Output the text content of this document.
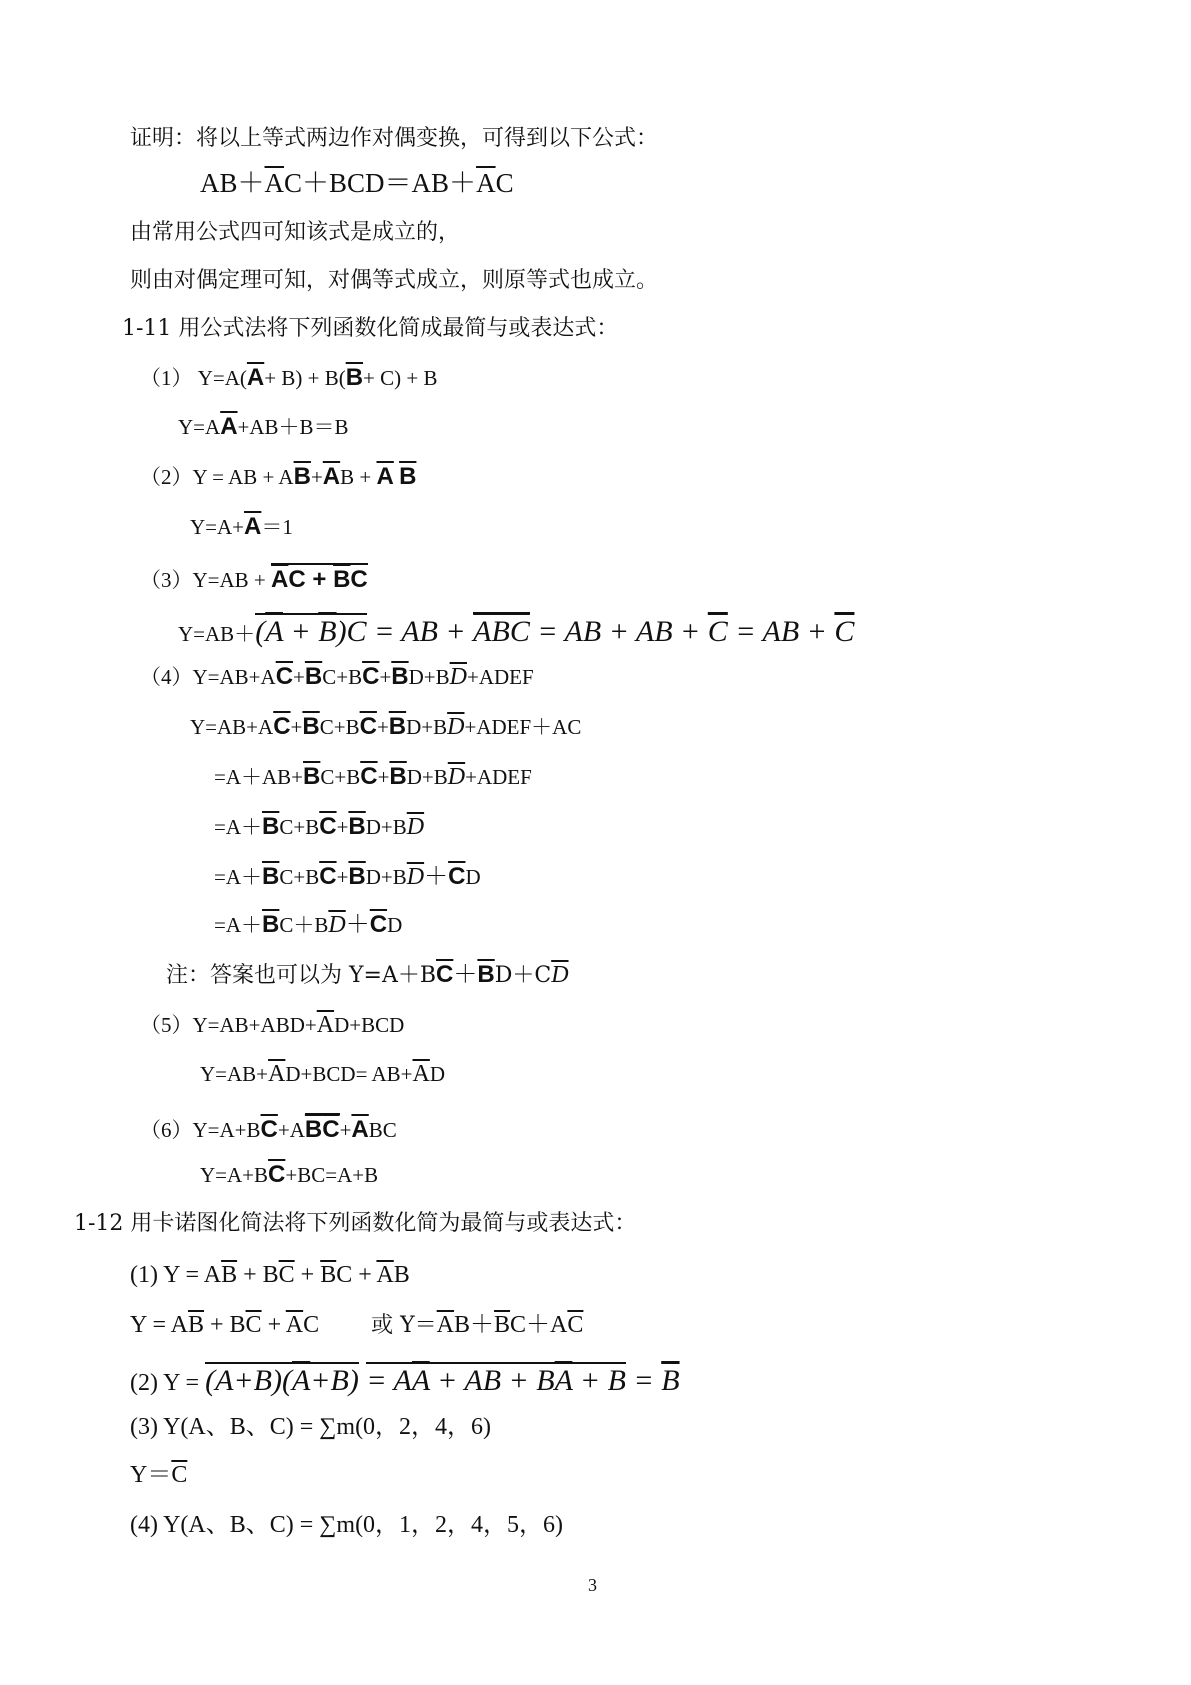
证明：将以上等式两边作对偶变换，可得到以下公式：
$AB+\overline{A}C+BCD=AB+\overline{A}C$
由常用公式四可知该式是成立的，
则由对偶定理可知，对偶等式成立，则原等式也成立。
1-11 用公式法将下列函数化简成最简与或表达式：
（1） $Y=A(\overline{A}+ B) + B(\overline{B}+ C) + B$
$Y=A\overline{A}+AB+B=B$
（2）Y = AB + $A\overline{B}+\overline{A}B + \overline{A}$ $\overline{B}$
$Y=A+\overline{A}=1$
$(3)Y=AB + \overline{A}C + \overline{B}C$
$Y=AB+(\overline{A} + \overline{B})C$ = AB + $\overline{ABC}$ = AB + AB + $\overline{C}$ = AB + $\overline{C}$
$(4)Y=AB+A\overline{C}+\overline{B}C+B\overline{C}+\overline{B}D+B\overline{D}+ADEF$
$Y=AB+A\overline{C}+\overline{B}C+B\overline{C}+\overline{B}D+B\overline{D}+ADEF+AC$
$=A+AB+\overline{B}C+B\overline{C}+\overline{B}D+B\overline{D}+ADEF$
$=A+\overline{B}C+B\overline{C}+\overline{B}D+B\overline{D}$
$=A+\overline{B}C+B\overline{C}+\overline{B}D+B\overline{D}+\overline{C}D$
$=A+\overline{B}C+B\overline{D}+\overline{C}D$
注：答案也可以为 $Y=A+B\overline{C}+\overline{B}D+C\overline{D}$
$(5)Y=AB+ABD+\overline{A}D+BCD$
$Y=AB+\overline{A}D+BCD= AB+\overline{A}D$
$(6)Y=A+B\overline{C}+A\overline{B}\overline{C}+\overline{A}BC$
$Y=A+B\overline{C}+BC=A+B$
1-12 用卡诺图化简法将下列函数化简为最简与或表达式：
(1) $Y = A\overline{B} + B\overline{C} + \overline{B}C + \overline{A}B$
$Y = A\overline{B} + B\overline{C} + \overline{A}C$ 或 $Y=\overline{A}B+\overline{B}C+A\overline{C}$
(2) $Y = (A+B)(\overline{A}+B) = A\overline{A}$ + AB + $B\overline{A} + B = \overline{B}$
(3) Y(A、B、C) = ∑m(0，2，4，6)
$Y=\overline{C}$
(4) Y(A、B、C) = ∑m(0，1，2，4，5，6)
3
